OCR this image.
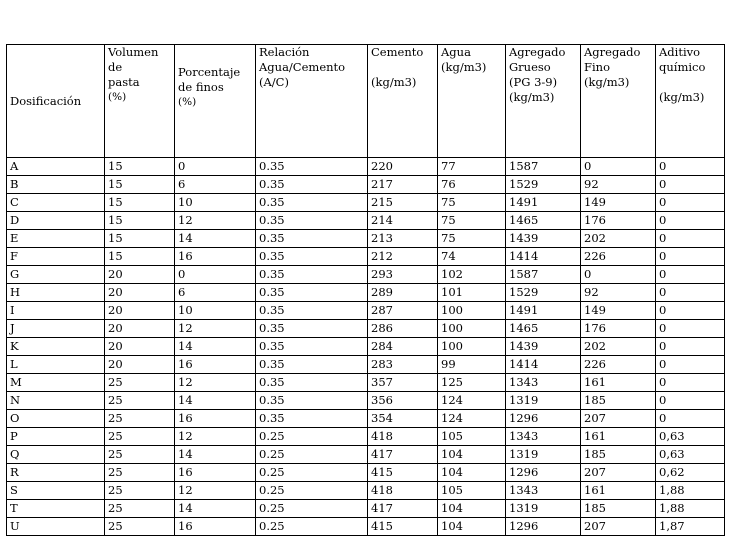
Dosificación	Volumen
de
pasta
(%)	Porcentaje
de finos
(%)	Relación
Agua/Cemento
(A/C)	Cemento
(kg/m3)	Agua
(kg/m3)	Agregado
Grueso
(PG 3-9)
(kg/m3)	Agregado
Fino
(kg/m3)	Aditivo
químico
(kg/m3)

A	15	0	0.35	220	77	1587	0	0
B	15	6	0.35	217	76	1529	92	0
C	15	10	0.35	215	75	1491	149	0
D	15	12	0.35	214	75	1465	176	0
E	15	14	0.35	213	75	1439	202	0
F	15	16	0.35	212	74	1414	226	0
G	20	0	0.35	293	102	1587	0	0
H	20	6	0.35	289	101	1529	92	0
I	20	10	0.35	287	100	1491	149	0
J	20	12	0.35	286	100	1465	176	0
K	20	14	0.35	284	100	1439	202	0
L	20	16	0.35	283	99	1414	226	0
M	25	12	0.35	357	125	1343	161	0
N	25	14	0.35	356	124	1319	185	0
O	25	16	0.35	354	124	1296	207	0
P	25	12	0.25	418	105	1343	161	0,63
Q	25	14	0.25	417	104	1319	185	0,63
R	25	16	0.25	415	104	1296	207	0,62
S	25	12	0.25	418	105	1343	161	1,88
T	25	14	0.25	417	104	1319	185	1,88
U	25	16	0.25	415	104	1296	207	1,87
